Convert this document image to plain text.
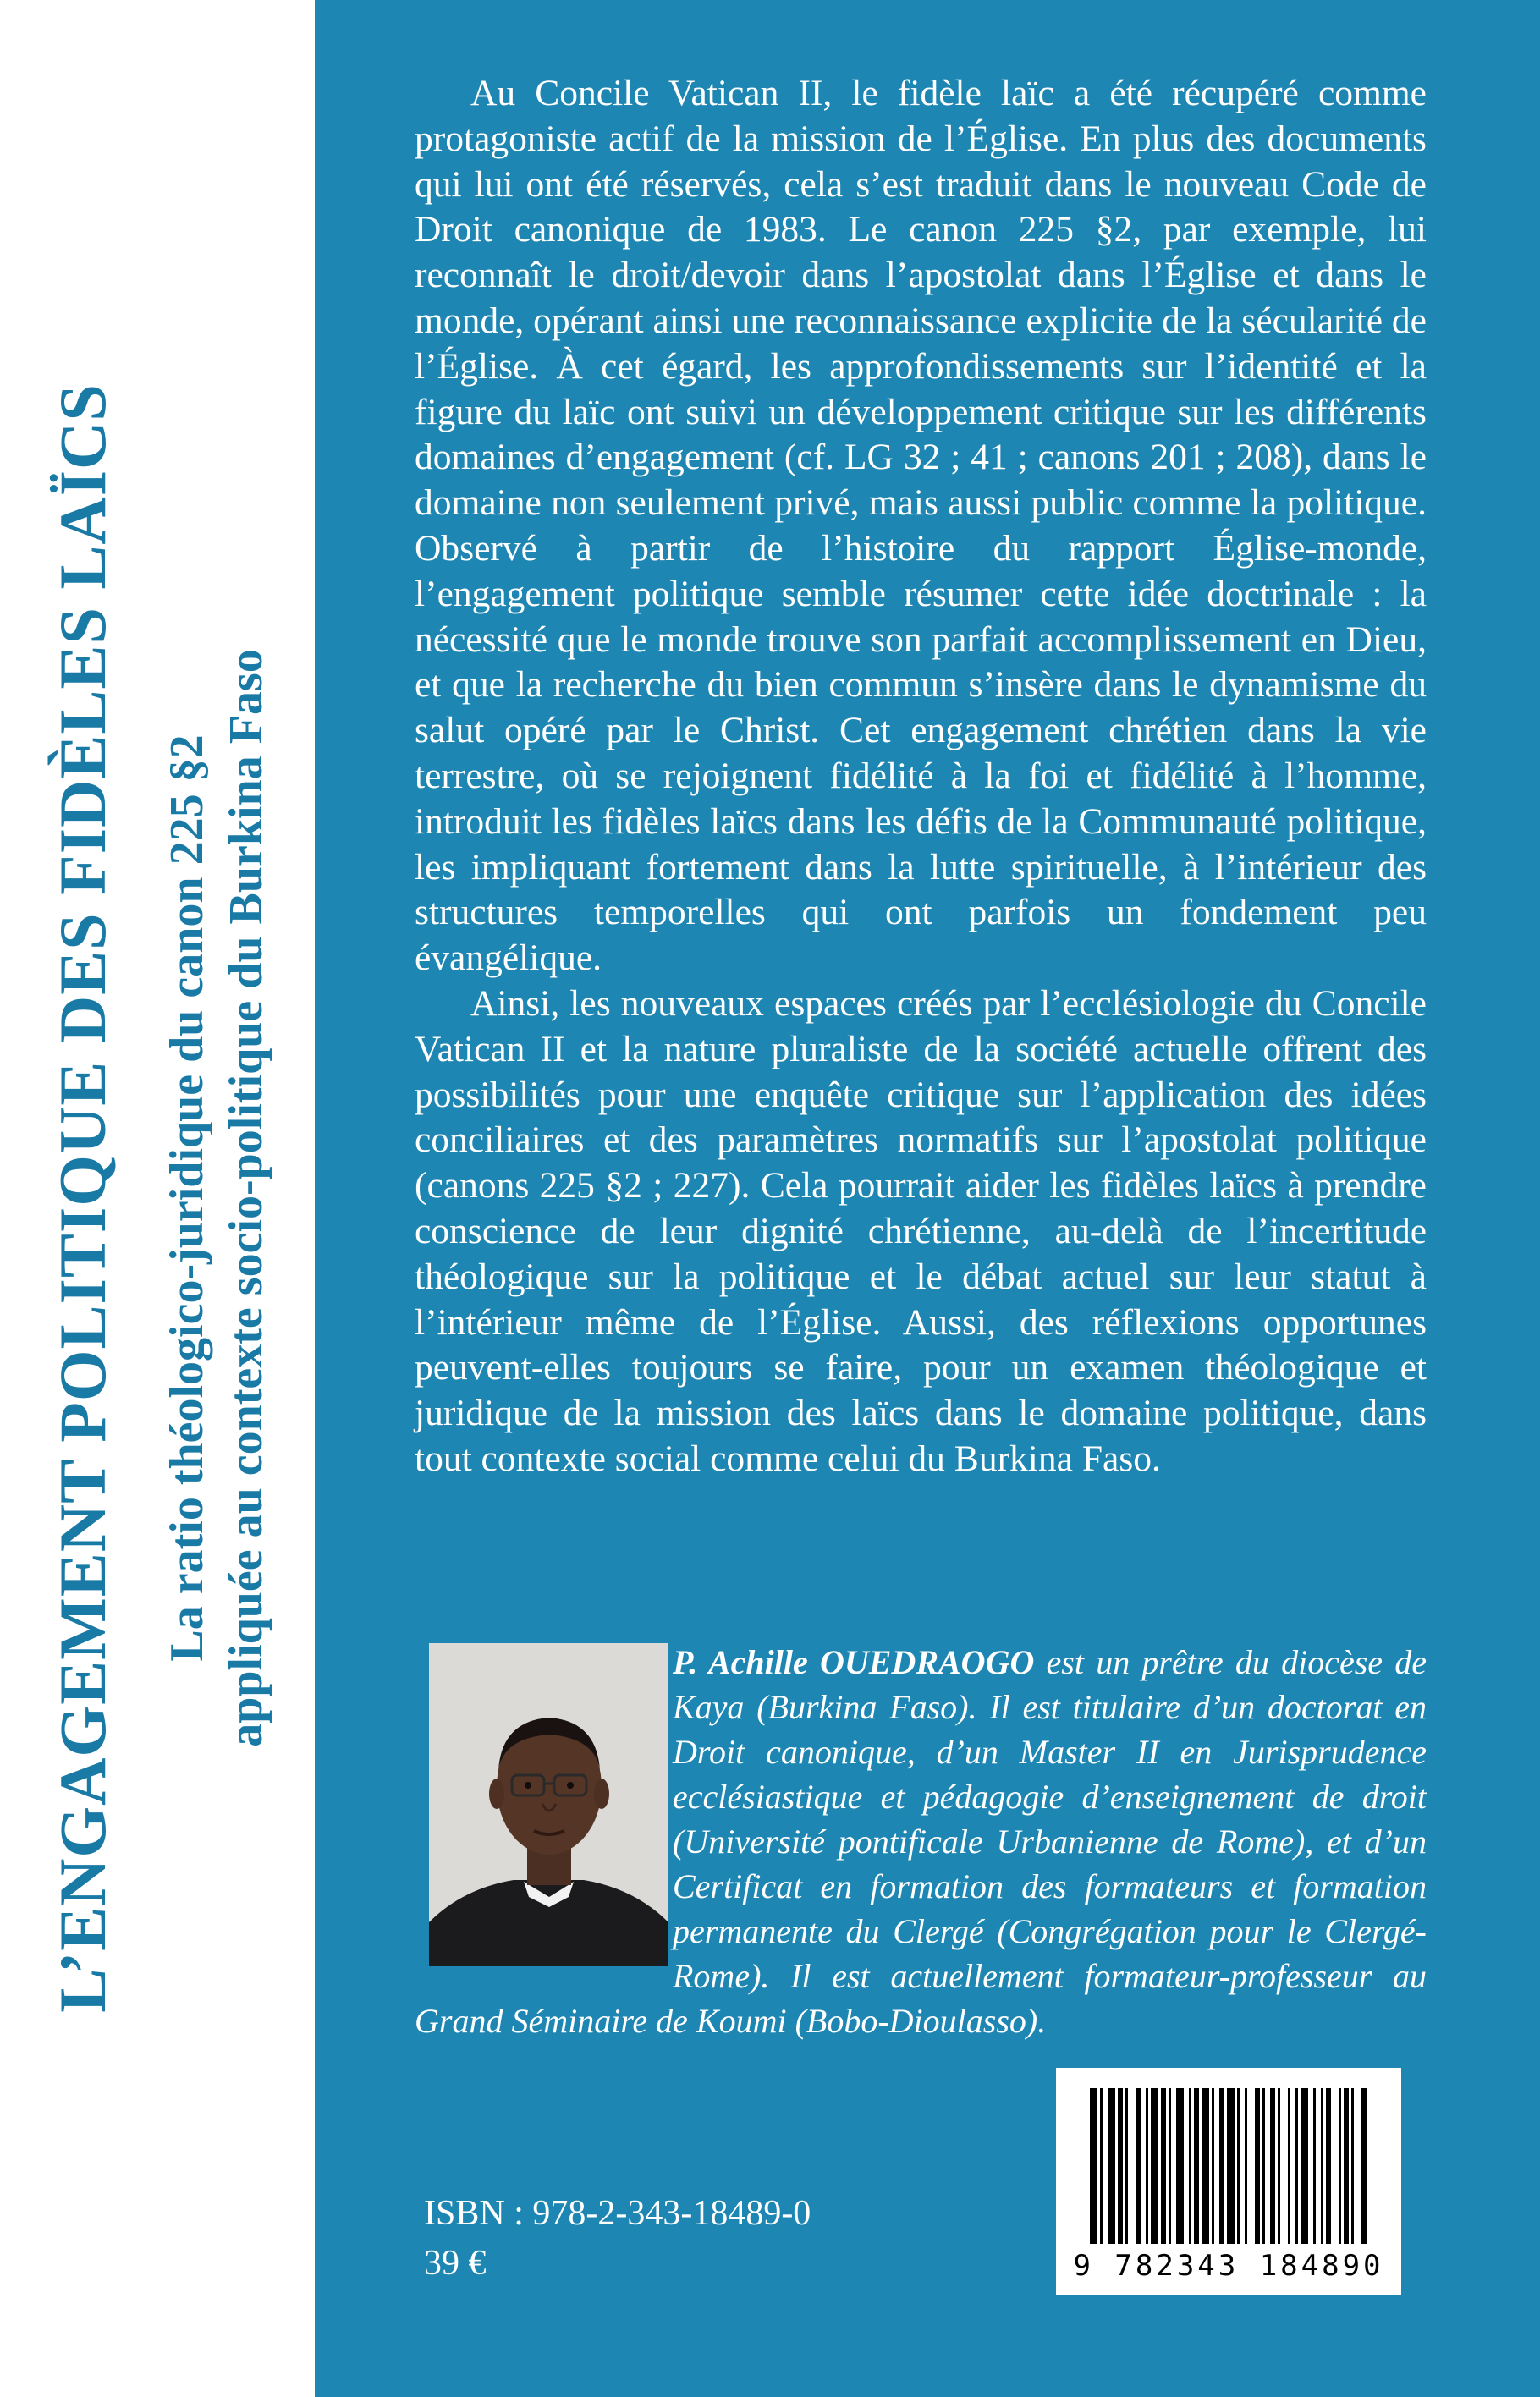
L’ENGAGEMENT POLITIQUE DES FIDÈLES LAÏCS La ratio théologico-juridique du canon 225 §2 appliquée au contexte socio-politique du Burkina Faso

Au Concile Vatican II, le fidèle laïc a été récupéré comme protagoniste actif de la mission de l’Église. En plus des documents qui lui ont été réservés, cela s’est traduit dans le nouveau Code de Droit canonique de 1983. Le canon 225 §2, par exemple, lui reconnaît le droit/devoir dans l’apostolat dans l’Église et dans le monde, opérant ainsi une reconnaissance explicite de la sécularité de l’Église. À cet égard, les approfondissements sur l’identité et la figure du laïc ont suivi un développement critique sur les différents domaines d’engagement (cf. LG 32 ; 41 ; canons 201 ; 208), dans le domaine non seulement privé, mais aussi public comme la politique. Observé à partir de l’histoire du rapport Église-monde, l’engagement politique semble résumer cette idée doctrinale : la nécessité que le monde trouve son parfait accomplissement en Dieu, et que la recherche du bien commun s’insère dans le dynamisme du salut opéré par le Christ. Cet engagement chrétien dans la vie terrestre, où se rejoignent fidélité à la foi et fidélité à l’homme, introduit les fidèles laïcs dans les défis de la Communauté politique, les impliquant fortement dans la lutte spirituelle, à l’intérieur des structures temporelles qui ont parfois un fondement peu évangélique.

Ainsi, les nouveaux espaces créés par l’ecclésiologie du Concile Vatican II et la nature pluraliste de la société actuelle offrent des possibilités pour une enquête critique sur l’application des idées conciliaires et des paramètres normatifs sur l’apostolat politique (canons 225 §2 ; 227). Cela pourrait aider les fidèles laïcs à prendre conscience de leur dignité chrétienne, au-delà de l’incertitude théologique sur la politique et le débat actuel sur leur statut à l’intérieur même de l’Église. Aussi, des réflexions opportunes peuvent-elles toujours se faire, pour un examen théologique et juridique de la mission des laïcs dans le domaine politique, dans tout contexte social comme celui du Burkina Faso.

P. Achille OUEDRAOGO est un prêtre du diocèse de Kaya (Burkina Faso). Il est titulaire d’un doctorat en Droit canonique, d’un Master II en Jurisprudence ecclésiastique et pédagogie d’enseignement de droit (Université pontificale Urbanienne de Rome), et d’un Certificat en formation des formateurs et formation permanente du Clergé (Congrégation pour le Clergé-Rome). Il est actuellement formateur-professeur au Grand Séminaire de Koumi (Bobo-Dioulasso).
ISBN : 978-2-343-18489-0
39 €	9 782343 184890
